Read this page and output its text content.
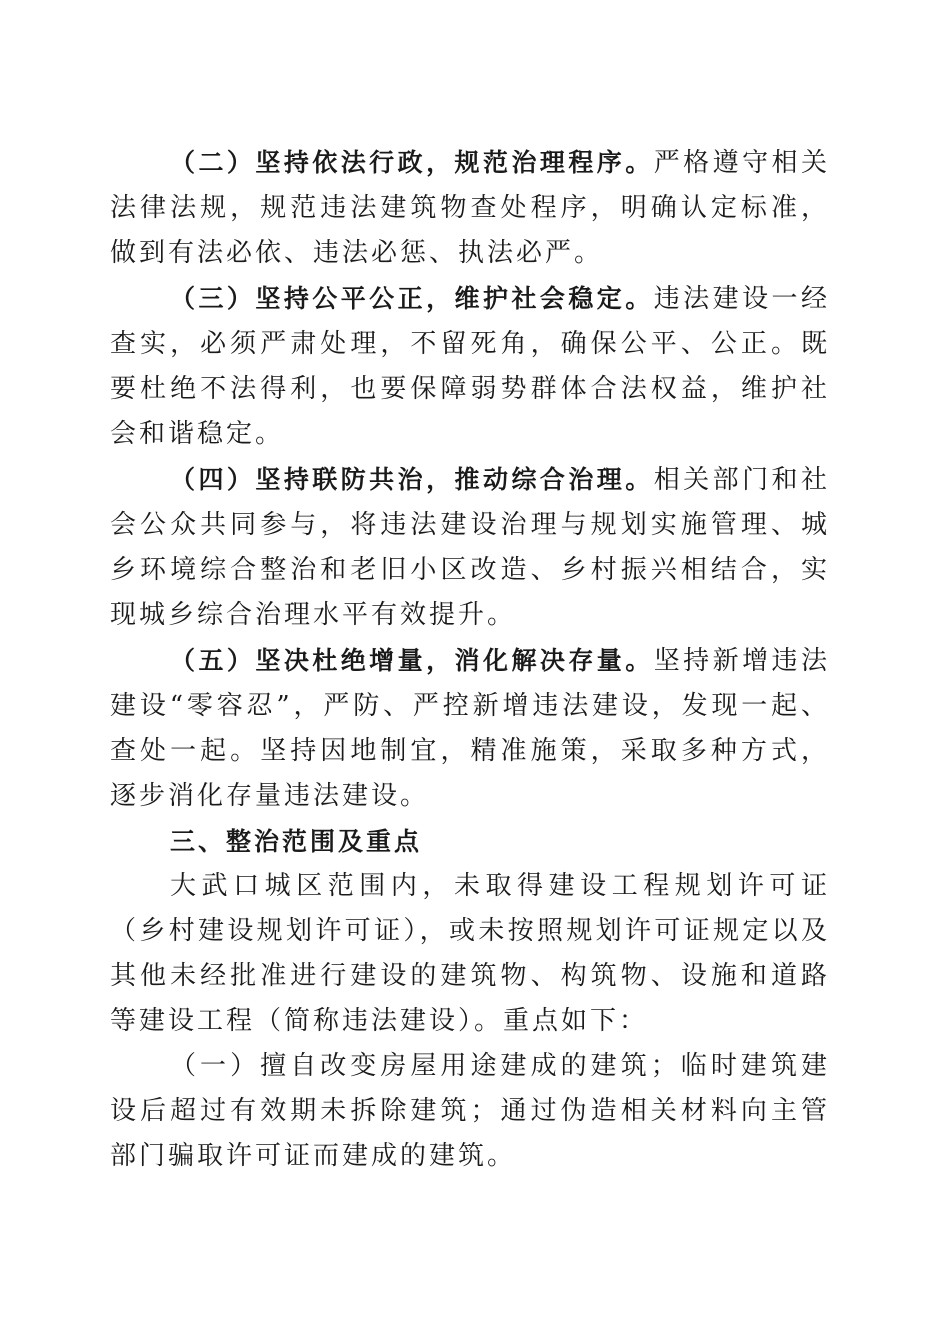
（二）坚持依法行政，规范治理程序。严格遵守相关法律法规，规范违法建筑物查处程序，明确认定标准，做到有法必依、违法必惩、执法必严。

（三）坚持公平公正，维护社会稳定。违法建设一经查实，必须严肃处理，不留死角，确保公平、公正。既要杜绝不法得利，也要保障弱势群体合法权益，维护社会和谐稳定。

（四）坚持联防共治，推动综合治理。相关部门和社会公众共同参与，将违法建设治理与规划实施管理、城乡环境综合整治和老旧小区改造、乡村振兴相结合，实现城乡综合治理水平有效提升。

（五）坚决杜绝增量，消化解决存量。坚持新增违法建设“零容忍”，严防、严控新增违法建设，发现一起、查处一起。坚持因地制宜，精准施策，采取多种方式，逐步消化存量违法建设。

三、整治范围及重点

大武口城区范围内，未取得建设工程规划许可证（乡村建设规划许可证），或未按照规划许可证规定以及其他未经批准进行建设的建筑物、构筑物、设施和道路等建设工程（简称违法建设）。重点如下：

（一）擅自改变房屋用途建成的建筑；临时建筑建设后超过有效期未拆除建筑；通过伪造相关材料向主管部门骗取许可证而建成的建筑。
